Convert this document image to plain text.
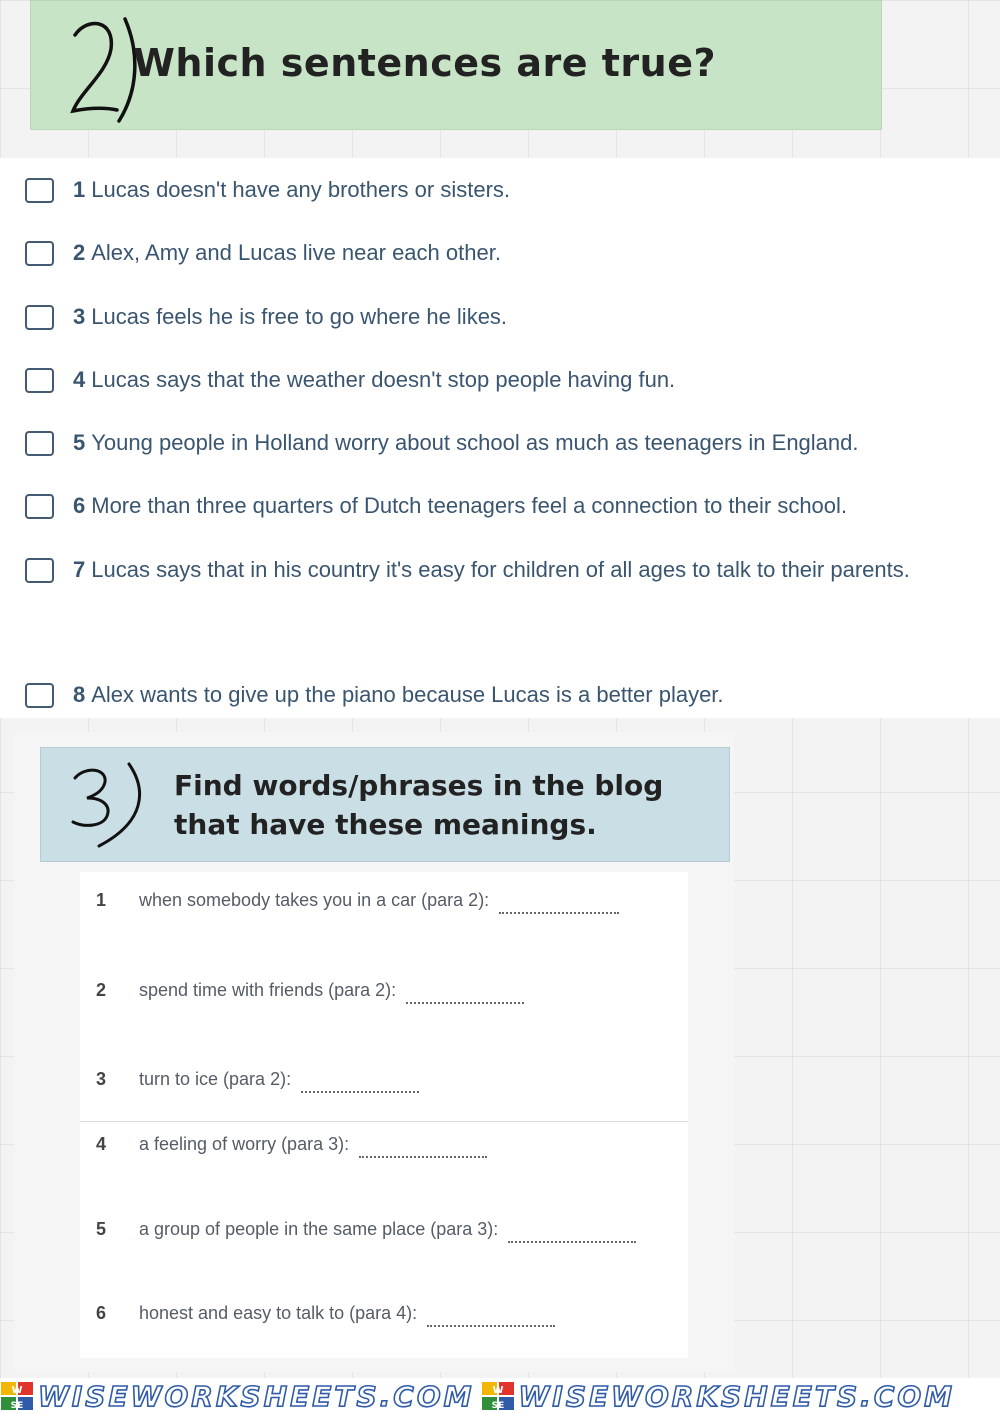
Which sentences are true?
1 Lucas doesn't have any brothers or sisters.
2 Alex, Amy and Lucas live near each other.
3 Lucas feels he is free to go where he likes.
4 Lucas says that the weather doesn't stop people having fun.
5 Young people in Holland worry about school as much as teenagers in England.
6 More than three quarters of Dutch teenagers feel a connection to their school.
7 Lucas says that in his country it's easy for children of all ages to talk to their parents.
8 Alex wants to give up the piano because Lucas is a better player.
Find words/phrases in the blog
that have these meanings.
1 when somebody takes you in a car (para 2):
2 spend time with friends (para 2):
3 turn to ice (para 2):
4 a feeling of worry (para 3):
5 a group of people in the same place (para 3):
6 honest and easy to talk to (para 4):
W
SE WISEWORKSHEETS.COM W
SE WISEWORKSHEETS.COM
